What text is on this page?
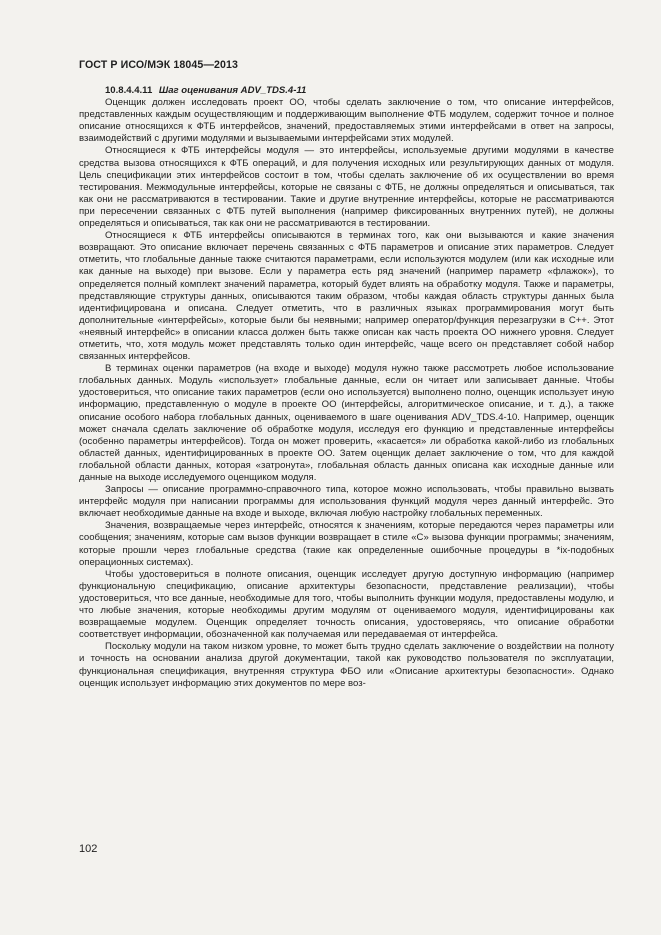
ГОСТ Р ИСО/МЭК 18045—2013

10.8.4.4.11 Шаг оценивания ADV_TDS.4-11

Оценщик должен исследовать проект ОО, чтобы сделать заключение о том, что описание интерфейсов, представленных каждым осуществляющим и поддерживающим выполнение ФТБ модулем, содержит точное и полное описание относящихся к ФТБ интерфейсов, значений, предоставляемых этими интерфейсами в ответ на запросы, взаимодействий с другими модулями и вызываемыми интерфейсами этих модулей.

Относящиеся к ФТБ интерфейсы модуля — это интерфейсы, используемые другими модулями в качестве средства вызова относящихся к ФТБ операций, и для получения исходных или результирующих данных от модуля. Цель спецификации этих интерфейсов состоит в том, чтобы сделать заключение об их осуществлении во время тестирования. Межмодульные интерфейсы, которые не связаны с ФТБ, не должны определяться и описываться, так как они не рассматриваются в тестировании. Такие и другие внутренние интерфейсы, которые не рассматриваются при пересечении связанных с ФТБ путей выполнения (например фиксированных внутренних путей), не должны определяться и описываться, так как они не рассматриваются в тестировании.

Относящиеся к ФТБ интерфейсы описываются в терминах того, как они вызываются и какие значения возвращают. Это описание включает перечень связанных с ФТБ параметров и описание этих параметров. Следует отметить, что глобальные данные также считаются параметрами, если используются модулем (или как исходные или как данные на выходе) при вызове. Если у параметра есть ряд значений (например параметр «флажок»), то определяется полный комплект значений параметра, который будет влиять на обработку модуля. Также и параметры, представляющие структуры данных, описываются таким образом, чтобы каждая область структуры данных была идентифицирована и описана. Следует отметить, что в различных языках программирования могут быть дополнительные «интерфейсы», которые были бы неявными; например оператор/функция перезагрузки в C++. Этот «неявный интерфейс» в описании класса должен быть также описан как часть проекта ОО нижнего уровня. Следует отметить, что, хотя модуль может представлять только один интерфейс, чаще всего он представляет собой набор связанных интерфейсов.

В терминах оценки параметров (на входе и выходе) модуля нужно также рассмотреть любое использование глобальных данных. Модуль «использует» глобальные данные, если он читает или записывает данные. Чтобы удостовериться, что описание таких параметров (если оно используется) выполнено полно, оценщик использует иную информацию, представленную о модуле в проекте ОО (интерфейсы, алгоритмическое описание, и т. д.), а также описание особого набора глобальных данных, оцениваемого в шаге оценивания ADV_TDS.4-10. Например, оценщик может сначала сделать заключение об обработке модуля, исследуя его функцию и представленные интерфейсы (особенно параметры интерфейсов). Тогда он может проверить, «касается» ли обработка какой-либо из глобальных областей данных, идентифицированных в проекте ОО. Затем оценщик делает заключение о том, что для каждой глобальной области данных, которая «затронута», глобальная область данных описана как исходные данные или данные на выходе исследуемого оценщиком модуля.

Запросы — описание программно-справочного типа, которое можно использовать, чтобы правильно вызвать интерфейс модуля при написании программы для использования функций модуля через данный интерфейс. Это включает необходимые данные на входе и выходе, включая любую настройку глобальных переменных.

Значения, возвращаемые через интерфейс, относятся к значениям, которые передаются через параметры или сообщения; значениям, которые сам вызов функции возвращает в стиле «C» вызова функции программы; значениям, которые прошли через глобальные средства (такие как определенные ошибочные процедуры в *ix-подобных операционных системах).

Чтобы удостовериться в полноте описания, оценщик исследует другую доступную информацию (например функциональную спецификацию, описание архитектуры безопасности, представление реализации), чтобы удостовериться, что все данные, необходимые для того, чтобы выполнить функции модуля, предоставлены модулю, и что любые значения, которые необходимы другим модулям от оцениваемого модуля, идентифицированы как возвращаемые модулем. Оценщик определяет точность описания, удостоверяясь, что описание обработки соответствует информации, обозначенной как получаемая или передаваемая от интерфейса.

Поскольку модули на таком низком уровне, то может быть трудно сделать заключение о воздействии на полноту и точность на основании анализа другой документации, такой как руководство пользователя по эксплуатации, функциональная спецификация, внутренняя структура ФБО или «Описание архитектуры безопасности». Однако оценщик использует информацию этих документов по мере воз-

102
